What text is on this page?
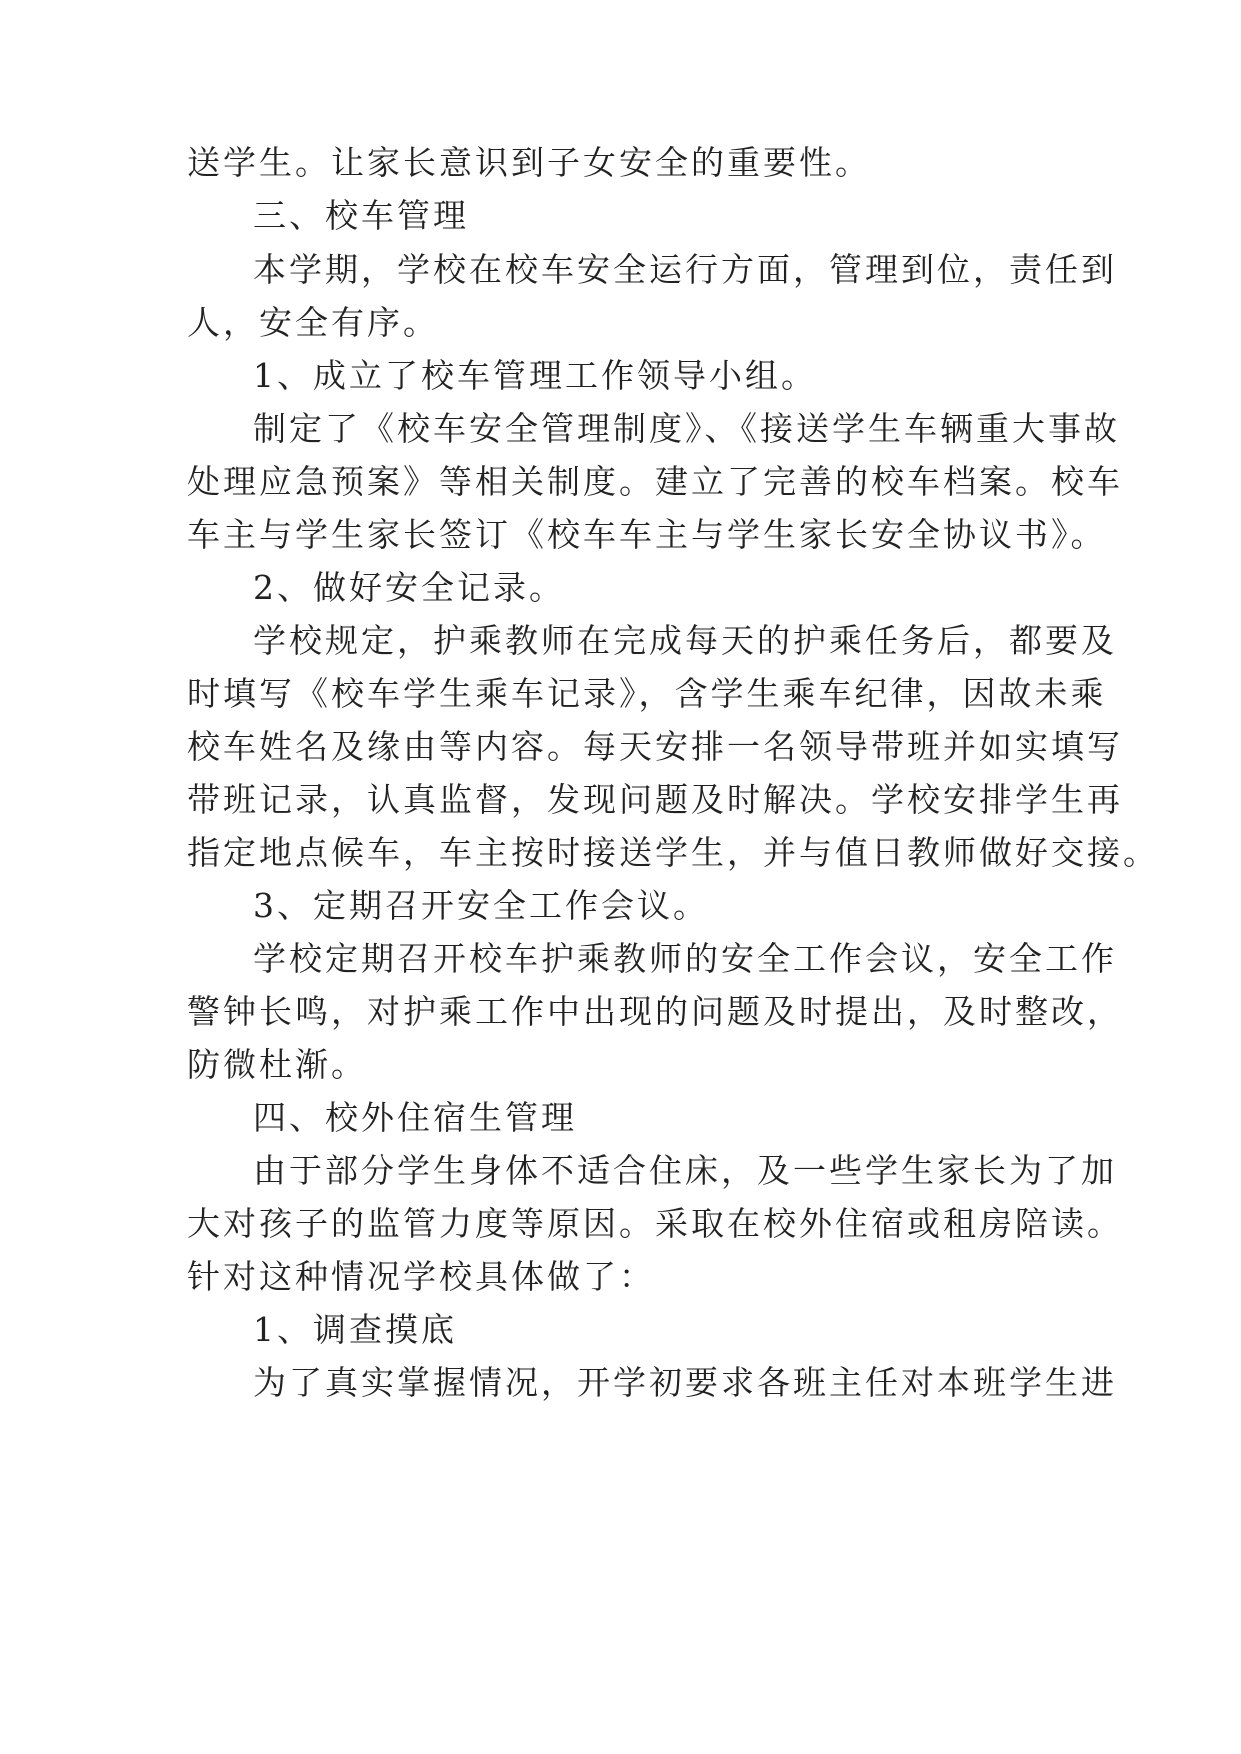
送学生。让家长意识到子女安全的重要性。
三、校车管理
本学期，学校在校车安全运行方面，管理到位，责任到
人，安全有序。
1、成立了校车管理工作领导小组。
制定了《校车安全管理制度》、《接送学生车辆重大事故
处理应急预案》等相关制度。建立了完善的校车档案。校车
车主与学生家长签订《校车车主与学生家长安全协议书》。
2、做好安全记录。
学校规定，护乘教师在完成每天的护乘任务后，都要及
时填写《校车学生乘车记录》，含学生乘车纪律，因故未乘
校车姓名及缘由等内容。每天安排一名领导带班并如实填写
带班记录，认真监督，发现问题及时解决。学校安排学生再
指定地点候车，车主按时接送学生，并与值日教师做好交接。
3、定期召开安全工作会议。
学校定期召开校车护乘教师的安全工作会议，安全工作
警钟长鸣，对护乘工作中出现的问题及时提出，及时整改，
防微杜渐。
四、校外住宿生管理
由于部分学生身体不适合住床，及一些学生家长为了加
大对孩子的监管力度等原因。采取在校外住宿或租房陪读。
针对这种情况学校具体做了：
1、调查摸底
为了真实掌握情况，开学初要求各班主任对本班学生进
